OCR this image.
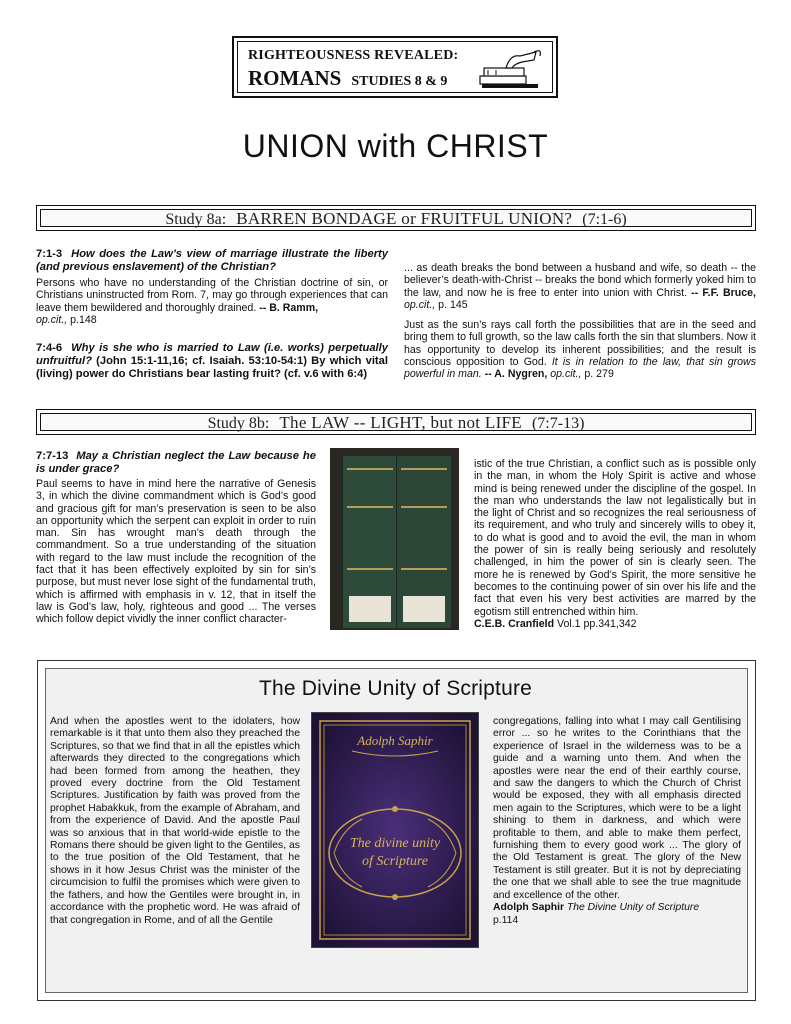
RIGHTEOUSNESS REVEALED:
ROMANS STUDIES 8 & 9
UNION with CHRIST
Study 8a: BARREN BONDAGE or FRUITFUL UNION? (7:1-6)

7:1-3 How does the Law’s view of marriage illustrate the liberty (and previous enslavement) of the Christian?

Persons who have no understanding of the Christian doctrine of sin, or Christians uninstructed from Rom. 7, may go through experiences that can leave them bewildered and thoroughly drained. -- B. Ramm,
op.cit., p.148

7:4-6 Why is she who is married to Law (i.e. works) perpetually unfruitful? (John 15:1-11,16; cf. Isaiah. 53:10-54:1) By which vital (living) power do Christians bear lasting fruit? (cf. v.6 with 6:4)

... as death breaks the bond between a husband and wife, so death -- the believer’s death-with-Christ -- breaks the bond which formerly yoked him to the law, and now he is free to enter into union with Christ. -- F.F. Bruce, op.cit., p. 145

Just as the sun’s rays call forth the possibilities that are in the seed and bring them to full growth, so the law calls forth the sin that slumbers. Now it has opportunity to develop its inherent possibilities; and the result is conscious opposition to God. It is in relation to the law, that sin grows powerful in man. -- A. Nygren, op.cit., p. 279

Study 8b: The LAW -- LIGHT, but not LIFE (7:7-13)

7:7-13 May a Christian neglect the Law because he is under grace?

Paul seems to have in mind here the narrative of Genesis 3, in which the divine commandment which is God’s good and gracious gift for man’s preservation is seen to be also an opportunity which the serpent can exploit in order to ruin man. Sin has wrought man’s death through the commandment. So a true understanding of the situation with regard to the law must include the recognition of the fact that it has been effectively exploited by sin for sin’s purpose, but must never lose sight of the fundamental truth, which is affirmed with emphasis in v. 12, that in itself the law is God’s law, holy, righteous and good ... The verses which follow depict vividly the inner conflict character-

istic of the true Christian, a conflict such as is possible only in the man, in whom the Holy Spirit is active and whose mind is being renewed under the discipline of the gospel. In the man who understands the law not legalistically but in the light of Christ and so recognizes the real seriousness of its requirement, and who truly and sincerely wills to obey it, to do what is good and to avoid the evil, the man in whom the power of sin is really being seriously and resolutely challenged, in him the power of sin is clearly seen. The more he is renewed by God’s Spirit, the more sensitive he becomes to the continuing power of sin over his life and the fact that even his very best activities are marred by the egotism still entrenched within him.

C.E.B. Cranfield Vol.1 pp.341,342

The Divine Unity of Scripture

And when the apostles went to the idolaters, how remarkable is it that unto them also they preached the Scriptures, so that we find that in all the epistles which afterwards they directed to the congregations which had been formed from among the heathen, they proved every doctrine from the Old Testament Scriptures. Justification by faith was proved from the prophet Habakkuk, from the example of Abraham, and from the experience of David. And the apostle Paul was so anxious that in that world-wide epistle to the Romans there should be given light to the Gentiles, as to the true position of the Old Testament, that he shows in it how Jesus Christ was the minister of the circumcision to fulfil the promises which were given to the fathers, and how the Gentiles were brought in, in accordance with the prophetic word. He was afraid of that congregation in Rome, and of all the Gentile

Adolph Saphir
The divine unity
of Scripture

congregations, falling into what I may call Gentilising error ... so he writes to the Corinthians that the experience of Israel in the wilderness was to be a guide and a warning unto them. And when the apostles were near the end of their earthly course, and saw the dangers to which the Church of Christ would be exposed, they with all emphasis directed men again to the Scriptures, which were to be a light shining to them in darkness, and which were profitable to them, and able to make them perfect, furnishing them to every good work ... The glory of the Old Testament is great. The glory of the New Testament is still greater. But it is not by depreciating the one that we shall able to see the true magnitude and excellence of the other.

Adolph Saphir The Divine Unity of Scripture
p.114
